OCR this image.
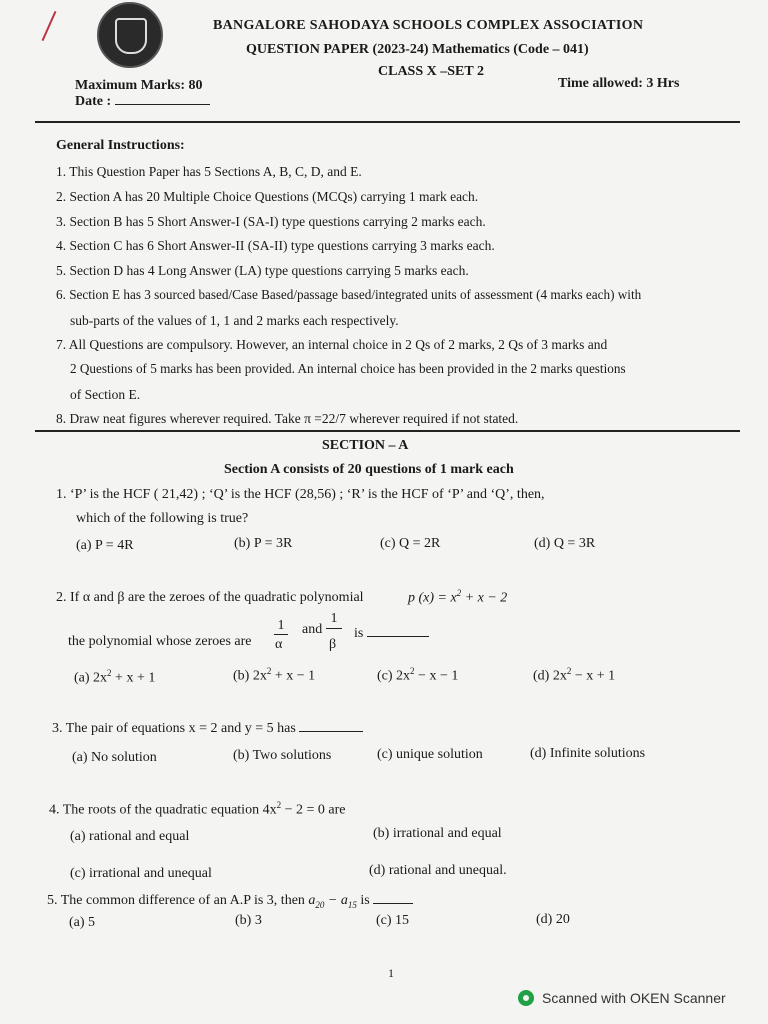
BANGALORE SAHODAYA SCHOOLS COMPLEX ASSOCIATION
QUESTION PAPER (2023-24) Mathematics (Code – 041)
CLASS X –SET 2
Maximum Marks: 80
Date :
Time allowed: 3 Hrs
General Instructions:
1. This Question Paper has 5 Sections A, B, C, D, and E.
2. Section A has 20 Multiple Choice Questions (MCQs) carrying 1 mark each.
3. Section B has 5 Short Answer-I (SA-I) type questions carrying 2 marks each.
4. Section C has 6 Short Answer-II (SA-II) type questions carrying 3 marks each.
5. Section D has 4 Long Answer (LA) type questions carrying 5 marks each.
6. Section E has 3 sourced based/Case Based/passage based/integrated units of assessment (4 marks each) with
sub-parts of the values of 1, 1 and 2 marks each respectively.
7. All Questions are compulsory. However, an internal choice in 2 Qs of 2 marks, 2 Qs of 3 marks and
2 Questions of 5 marks has been provided. An internal choice has been provided in the 2 marks questions
of Section E.
8. Draw neat figures wherever required. Take π =22/7 wherever required if not stated.
SECTION – A
Section A consists of 20 questions of 1 mark each
1. ‘P’ is the HCF ( 21,42) ; ‘Q’ is the HCF (28,56) ; ‘R’ is the HCF of ‘P’ and ‘Q’, then,
which of the following is true?
(a) P = 4R	(b) P = 3R	(c) Q = 2R	(d) Q = 3R
2. If α and β are the zeroes of the quadratic polynomial	p $(x) = x^2 + x - 2$
the polynomial whose zeroes are
1
α
and
1
β
is
(a) $2x^2 + x + 1$	(b) $2x^2 + x - 1$	(c) $2x^2 - x - 1$	(d) $2x^2 - x + 1$
3. The pair of equations x = 2 and y = 5 has
(a) No solution	(b) Two solutions	(c) unique solution	(d) Infinite solutions
4. The roots of the quadratic equation $4x^2 - 2 = 0$ are
(a) rational and equal	(b) irrational and equal
(c) irrational and unequal	(d) rational and unequal.
5. The common difference of an A.P is 3, then $a_{20} - a_{15}$ is
(a) 5	(b) 3	(c) 15	(d) 20
1
Scanned with OKEN Scanner
